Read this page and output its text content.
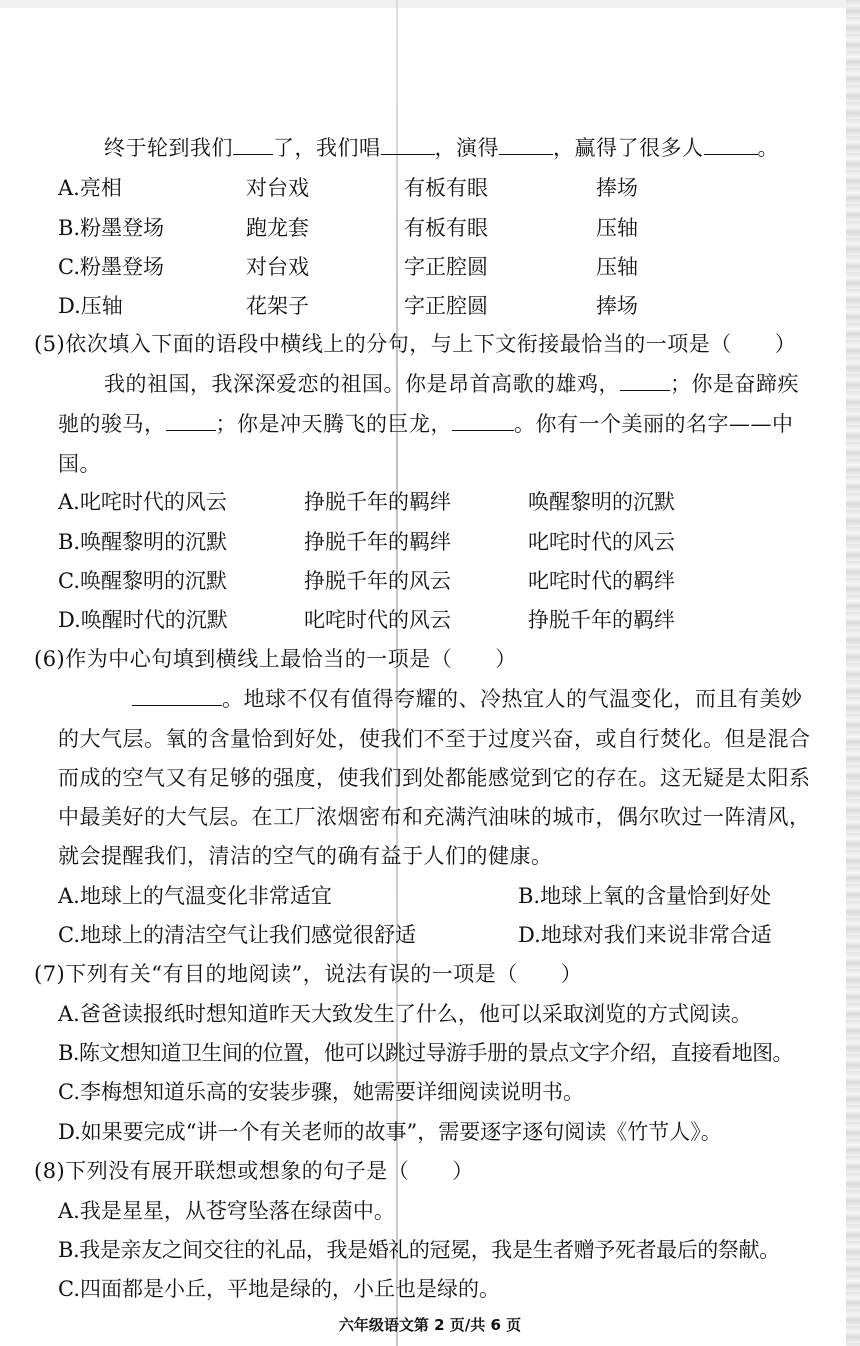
终于轮到我们 了，我们唱	，演得	，赢得了很多人	。
A.亮相	对台戏	有板有眼	捧场
B.粉墨登场	跑龙套	有板有眼	压轴
C.粉墨登场	对台戏	字正腔圆	压轴
D.压轴	花架子	字正腔圆	捧场
(5)依次填入下面的语段中横线上的分句，与上下文衔接最恰当的一项是（　　）
我的祖国，我深深爱恋的祖国。你是昂首高歌的雄鸡， ；你是奋蹄疾
驰的骏马， ；你是冲天腾飞的巨龙，	。你有一个美丽的名字——中
国。
A.叱咤时代的风云	挣脱千年的羁绊	唤醒黎明的沉默
B.唤醒黎明的沉默	挣脱千年的羁绊	叱咤时代的风云
C.唤醒黎明的沉默	挣脱千年的风云	叱咤时代的羁绊
D.唤醒时代的沉默	叱咤时代的风云	挣脱千年的羁绊
(6)作为中心句填到横线上最恰当的一项是（　　）
。地球不仅有值得夸耀的、冷热宜人的气温变化，而且有美妙
的大气层。氧的含量恰到好处，使我们不至于过度兴奋，或自行焚化。但是混合
而成的空气又有足够的强度，使我们到处都能感觉到它的存在。这无疑是太阳系
中最美好的大气层。在工厂浓烟密布和充满汽油味的城市，偶尔吹过一阵清风，
就会提醒我们，清洁的空气的确有益于人们的健康。
A.地球上的气温变化非常适宜	B.地球上氧的含量恰到好处
C.地球上的清洁空气让我们感觉很舒适	D.地球对我们来说非常合适
(7)下列有关“有目的地阅读”，说法有误的一项是（　　）
A.爸爸读报纸时想知道昨天大致发生了什么，他可以采取浏览的方式阅读。
B.陈文想知道卫生间的位置，他可以跳过导游手册的景点文字介绍，直接看地图。
C.李梅想知道乐高的安装步骤，她需要详细阅读说明书。
D.如果要完成“讲一个有关老师的故事”，需要逐字逐句阅读《竹节人》。
(8)下列没有展开联想或想象的句子是（　　）
A.我是星星，从苍穹坠落在绿茵中。
B.我是亲友之间交往的礼品，我是婚礼的冠冕，我是生者赠予死者最后的祭献。
C.四面都是小丘，平地是绿的，小丘也是绿的。
六年级语文第 2 页/共 6 页
